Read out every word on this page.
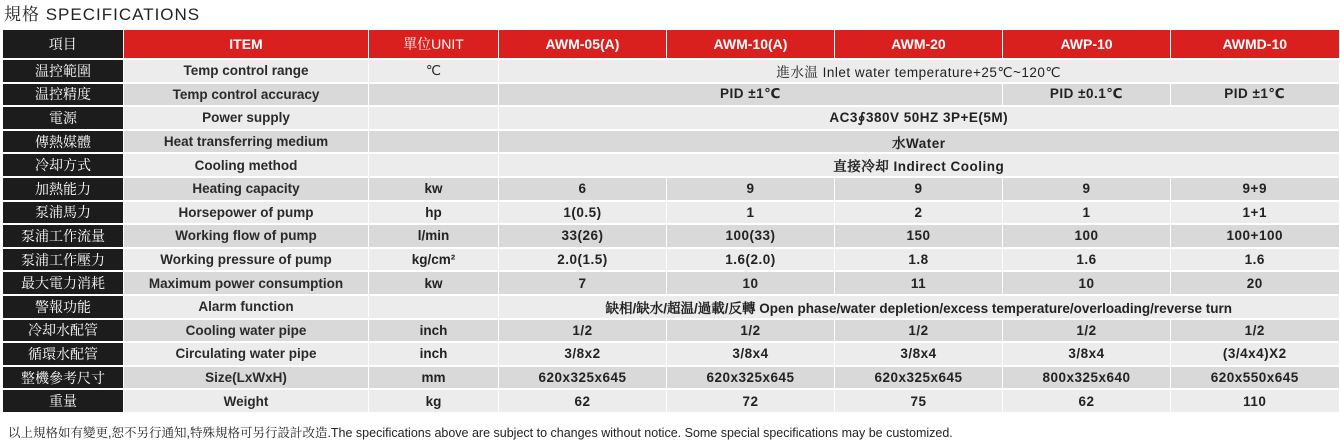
規格 SPECIFICATIONS
項目	ITEM	單位UNIT	AWM-05(A)	AWM-10(A)	AWM-20	AWP-10	AWMD-10
温控範圍	Temp control range	℃	進水温 Inlet water temperature+25℃~120℃				
温控精度	Temp control accuracy		PID ±1℃			PID ±0.1℃	PID ±1℃
電源	Power supply		AC3∮380V 50HZ 3P+E(5M)				
傳熱媒體	Heat transferring medium		水Water				
冷却方式	Cooling method		直接冷却 Indirect Cooling				
加熱能力	Heating capacity	kw	6	9	9	9	9+9
泵浦馬力	Horsepower of pump	hp	1(0.5)	1	2	1	1+1
泵浦工作流量	Working flow of pump	l/min	33(26)	100(33)	150	100	100+100
泵浦工作壓力	Working pressure of pump	kg/cm²	2.0(1.5)	1.6(2.0)	1.8	1.6	1.6
最大電力消耗	Maximum power consumption	kw	7	10	11	10	20
警報功能	Alarm function		缺相/缺水/超温/過載/反轉 Open phase/water depletion/excess temperature/overloading/reverse turn				
冷却水配管	Cooling water pipe	inch	1/2	1/2	1/2	1/2	1/2
循環水配管	Circulating water pipe	inch	3/8x2	3/8x4	3/8x4	3/8x4	(3/4x4)X2
整機參考尺寸	Size(LxWxH)	mm	620x325x645	620x325x645	620x325x645	800x325x640	620x550x645
重量	Weight	kg	62	72	75	62	110
以上規格如有變更,恕不另行通知,特殊規格可另行設計改造.The specifications above are subject to changes without notice. Some special specifications may be customized.
